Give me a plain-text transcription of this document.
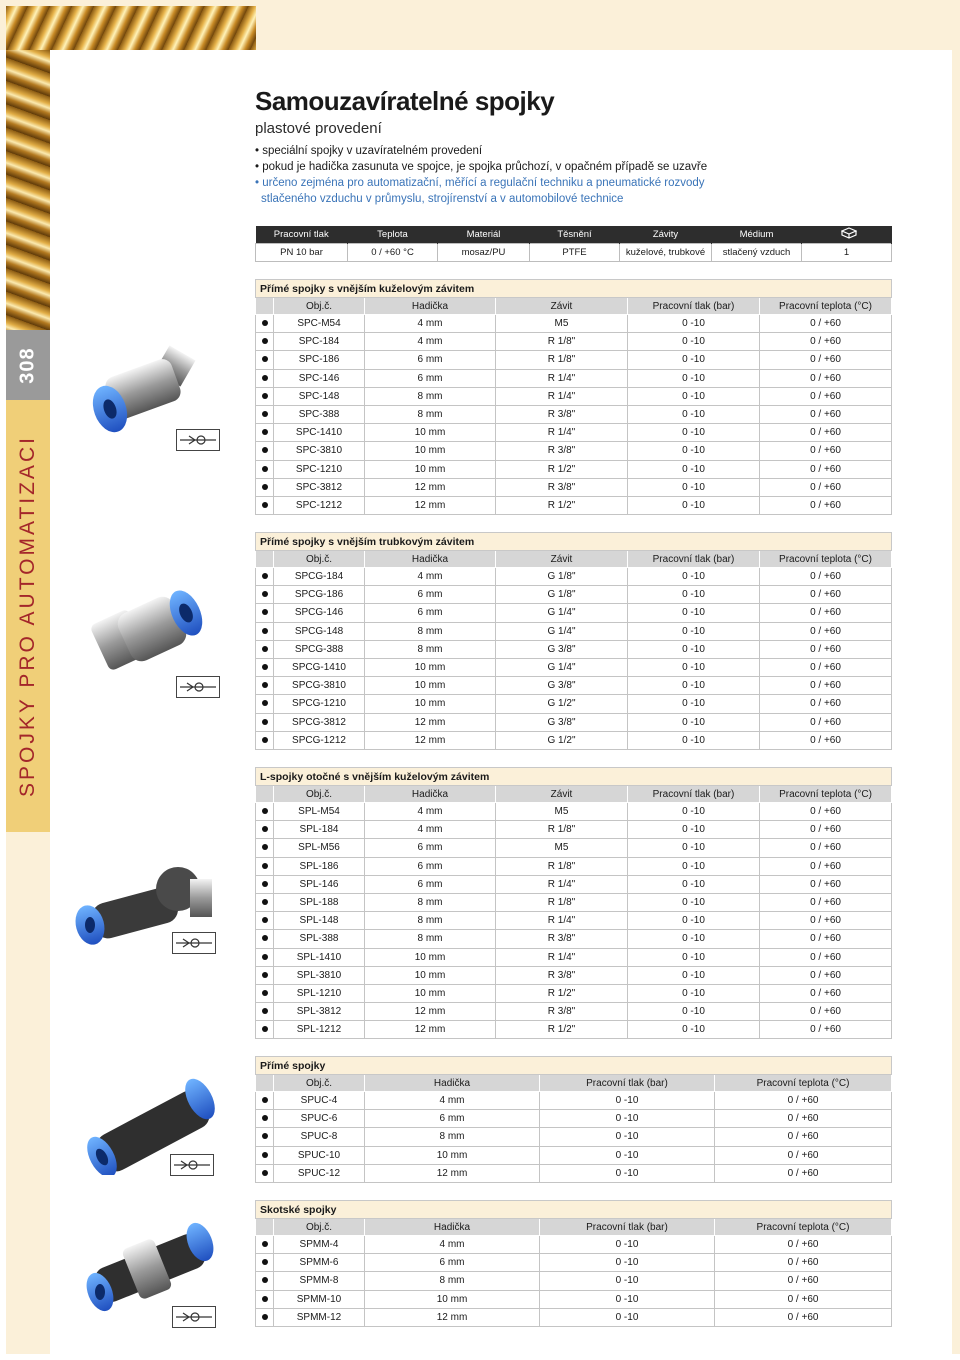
308
SPOJKY PRO AUTOMATIZACI
Samouzavíratelné spojky
plastové provedení
• speciální spojky v uzavíratelném provedení
• pokud je hadička zasunuta ve spojce, je spojka průchozí, v opačném případě se uzavře
• určeno zejména pro automatizační, měřící a regulační techniku a pneumatické rozvody
stlačeného vzduchu v průmyslu, strojírenství a v automobilové technice
Pracovní tlak	Teplota	Materiál	Těsnění	Závity	Médium	
PN 10 bar	0 / +60 °C	mosaz/PU	PTFE	kuželové, trubkové	stlačený vzduch	1
Přímé spojky s vnějším kuželovým závitem					
	Obj.č.	Hadička	Závit	Pracovní tlak (bar)	Pracovní teplota (°C)
	SPC-M54	4 mm	M5	0 -10	0 / +60
	SPC-184	4 mm	R 1/8"	0 -10	0 / +60
	SPC-186	6 mm	R 1/8"	0 -10	0 / +60
	SPC-146	6 mm	R 1/4"	0 -10	0 / +60
	SPC-148	8 mm	R 1/4"	0 -10	0 / +60
	SPC-388	8 mm	R 3/8"	0 -10	0 / +60
	SPC-1410	10 mm	R 1/4"	0 -10	0 / +60
	SPC-3810	10 mm	R 3/8"	0 -10	0 / +60
	SPC-1210	10 mm	R 1/2"	0 -10	0 / +60
	SPC-3812	12 mm	R 3/8"	0 -10	0 / +60
	SPC-1212	12 mm	R 1/2"	0 -10	0 / +60
Přímé spojky s vnějším trubkovým závitem					
	Obj.č.	Hadička	Závit	Pracovní tlak (bar)	Pracovní teplota (°C)
	SPCG-184	4 mm	G 1/8"	0 -10	0 / +60
	SPCG-186	6 mm	G 1/8"	0 -10	0 / +60
	SPCG-146	6 mm	G 1/4"	0 -10	0 / +60
	SPCG-148	8 mm	G 1/4"	0 -10	0 / +60
	SPCG-388	8 mm	G 3/8"	0 -10	0 / +60
	SPCG-1410	10 mm	G 1/4"	0 -10	0 / +60
	SPCG-3810	10 mm	G 3/8"	0 -10	0 / +60
	SPCG-1210	10 mm	G 1/2"	0 -10	0 / +60
	SPCG-3812	12 mm	G 3/8"	0 -10	0 / +60
	SPCG-1212	12 mm	G 1/2"	0 -10	0 / +60
L-spojky otočné s vnějším kuželovým závitem					
	Obj.č.	Hadička	Závit	Pracovní tlak (bar)	Pracovní teplota (°C)
	SPL-M54	4 mm	M5	0 -10	0 / +60
	SPL-184	4 mm	R 1/8"	0 -10	0 / +60
	SPL-M56	6 mm	M5	0 -10	0 / +60
	SPL-186	6 mm	R 1/8"	0 -10	0 / +60
	SPL-146	6 mm	R 1/4"	0 -10	0 / +60
	SPL-188	8 mm	R 1/8"	0 -10	0 / +60
	SPL-148	8 mm	R 1/4"	0 -10	0 / +60
	SPL-388	8 mm	R 3/8"	0 -10	0 / +60
	SPL-1410	10 mm	R 1/4"	0 -10	0 / +60
	SPL-3810	10 mm	R 3/8"	0 -10	0 / +60
	SPL-1210	10 mm	R 1/2"	0 -10	0 / +60
	SPL-3812	12 mm	R 3/8"	0 -10	0 / +60
	SPL-1212	12 mm	R 1/2"	0 -10	0 / +60
Přímé spojky				
	Obj.č.	Hadička	Pracovní tlak (bar)	Pracovní teplota (°C)
	SPUC-4	4 mm	0 -10	0 / +60
	SPUC-6	6 mm	0 -10	0 / +60
	SPUC-8	8 mm	0 -10	0 / +60
	SPUC-10	10 mm	0 -10	0 / +60
	SPUC-12	12 mm	0 -10	0 / +60
Skotské spojky				
	Obj.č.	Hadička	Pracovní tlak (bar)	Pracovní teplota (°C)
	SPMM-4	4 mm	0 -10	0 / +60
	SPMM-6	6 mm	0 -10	0 / +60
	SPMM-8	8 mm	0 -10	0 / +60
	SPMM-10	10 mm	0 -10	0 / +60
	SPMM-12	12 mm	0 -10	0 / +60
